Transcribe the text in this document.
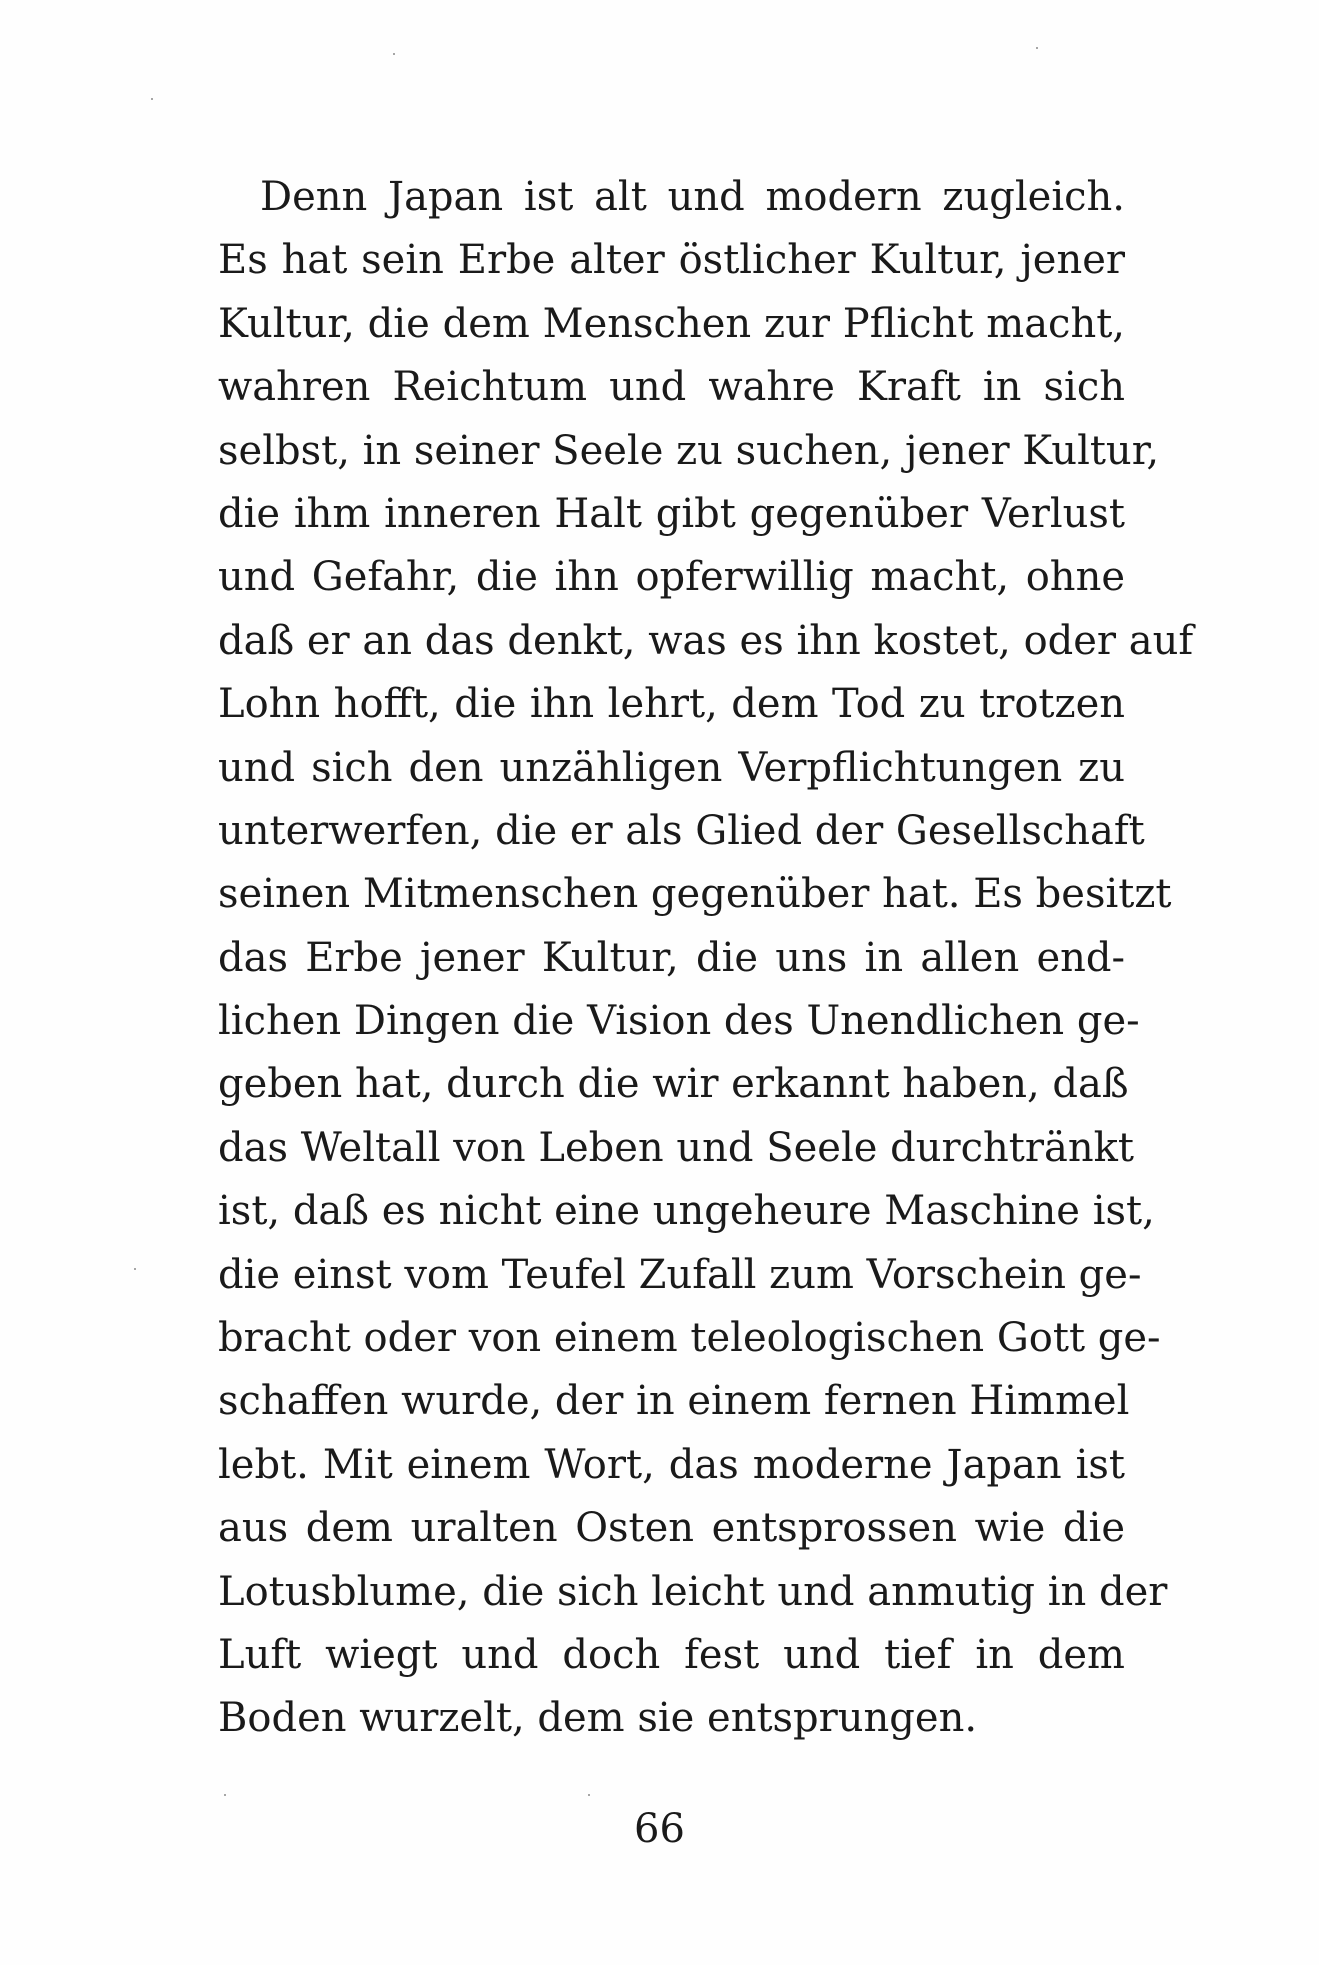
Denn Japan ist alt und modern zugleich.
Es hat sein Erbe alter östlicher Kultur, jener
Kultur, die dem Menschen zur Pflicht macht,
wahren Reichtum und wahre Kraft in sich
selbst, in seiner Seele zu suchen, jener Kultur,
die ihm inneren Halt gibt gegenüber Verlust
und Gefahr, die ihn opferwillig macht, ohne
daß er an das denkt, was es ihn kostet, oder auf
Lohn hofft, die ihn lehrt, dem Tod zu trotzen
und sich den unzähligen Verpflichtungen zu
unterwerfen, die er als Glied der Gesellschaft
seinen Mitmenschen gegenüber hat. Es besitzt
das Erbe jener Kultur, die uns in allen end-
lichen Dingen die Vision des Unendlichen ge-
geben hat, durch die wir erkannt haben, daß
das Weltall von Leben und Seele durchtränkt
ist, daß es nicht eine ungeheure Maschine ist,
die einst vom Teufel Zufall zum Vorschein ge-
bracht oder von einem teleologischen Gott ge-
schaffen wurde, der in einem fernen Himmel
lebt. Mit einem Wort, das moderne Japan ist
aus dem uralten Osten entsprossen wie die
Lotusblume, die sich leicht und anmutig in der
Luft wiegt und doch fest und tief in dem
Boden wurzelt, dem sie entsprungen.
66
